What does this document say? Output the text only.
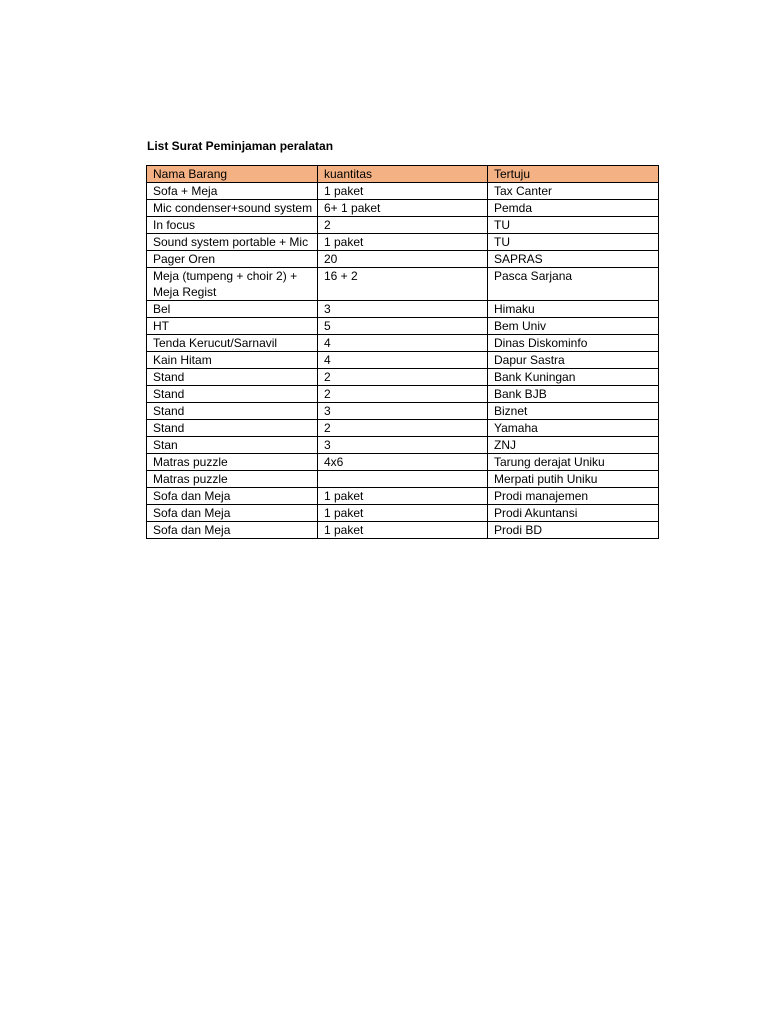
List Surat Peminjaman peralatan
Nama Barang	kuantitas	Tertuju
Sofa + Meja	1 paket	Tax Canter
Mic condenser+sound system	6+ 1 paket	Pemda
In focus	2	TU
Sound system portable + Mic	1 paket	TU
Pager Oren	20	SAPRAS
Meja (tumpeng + choir 2) + Meja Regist	16 + 2	Pasca Sarjana
Bel	3	Himaku
HT	5	Bem Univ
Tenda Kerucut/Sarnavil	4	Dinas Diskominfo
Kain Hitam	4	Dapur Sastra
Stand	2	Bank Kuningan
Stand	2	Bank BJB
Stand	3	Biznet
Stand	2	Yamaha
Stan	3	ZNJ
Matras puzzle	4x6	Tarung derajat Uniku
Matras puzzle		Merpati putih Uniku
Sofa dan Meja	1 paket	Prodi manajemen
Sofa dan Meja	1 paket	Prodi Akuntansi
Sofa dan Meja	1 paket	Prodi BD
